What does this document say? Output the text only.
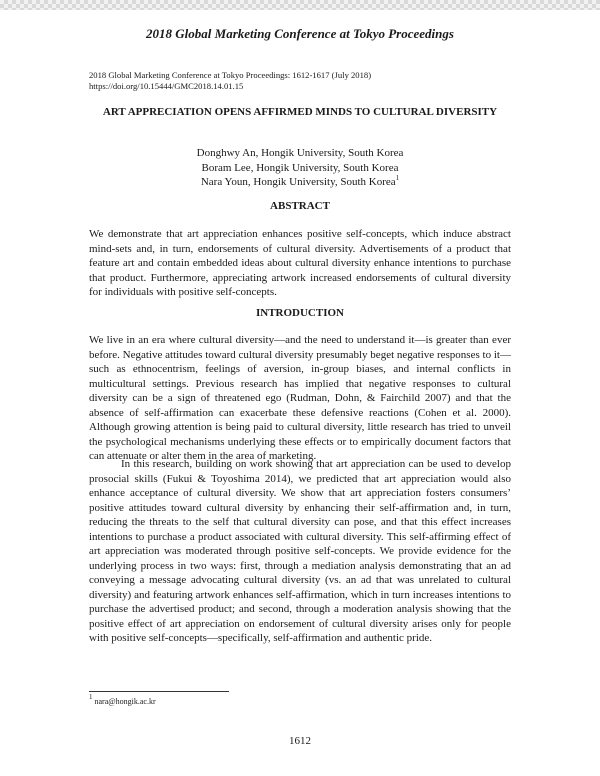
2018 Global Marketing Conference at Tokyo Proceedings
2018 Global Marketing Conference at Tokyo Proceedings: 1612-1617 (July 2018)
https://doi.org/10.15444/GMC2018.14.01.15
ART APPRECIATION OPENS AFFIRMED MINDS TO CULTURAL DIVERSITY
Donghwy An, Hongik University, South Korea
Boram Lee, Hongik University, South Korea
Nara Youn, Hongik University, South Korea$^1$
ABSTRACT

We demonstrate that art appreciation enhances positive self-concepts, which induce abstract mind-sets and, in turn, endorsements of cultural diversity. Advertisements of a product that feature art and contain embedded ideas about cultural diversity enhance intentions to purchase that product. Furthermore, appreciating artwork increased endorsements of cultural diversity for individuals with positive self-concepts.

INTRODUCTION

We live in an era where cultural diversity—and the need to understand it—is greater than ever before. Negative attitudes toward cultural diversity presumably beget negative responses to it—such as ethnocentrism, feelings of aversion, in-group biases, and internal conflicts in multicultural settings. Previous research has implied that negative responses to cultural diversity can be a sign of threatened ego (Rudman, Dohn, & Fairchild 2007) and that the absence of self-affirmation can exacerbate these defensive reactions (Cohen et al. 2000). Although growing attention is being paid to cultural diversity, little research has tried to unveil the psychological mechanisms underlying these effects or to empirically document factors that can attenuate or alter them in the area of marketing.

In this research, building on work showing that art appreciation can be used to develop prosocial skills (Fukui & Toyoshima 2014), we predicted that art appreciation would also enhance acceptance of cultural diversity. We show that art appreciation fosters consumers’ positive attitudes toward cultural diversity by enhancing their self-affirmation and, in turn, reducing the threats to the self that cultural diversity can pose, and that this effect increases intentions to purchase a product associated with cultural diversity. This self-affirming effect of art appreciation was moderated through positive self-concepts. We provide evidence for the underlying process in two ways: first, through a mediation analysis demonstrating that an ad conveying a message advocating cultural diversity (vs. an ad that was unrelated to cultural diversity) and featuring artwork enhances self-affirmation, which in turn increases intentions to purchase the advertised product; and second, through a moderation analysis showing that the positive effect of art appreciation on endorsement of cultural diversity arises only for people with positive self-concepts—specifically, self-affirmation and authentic pride.

$^1$ nara@hongik.ac.kr
1612
